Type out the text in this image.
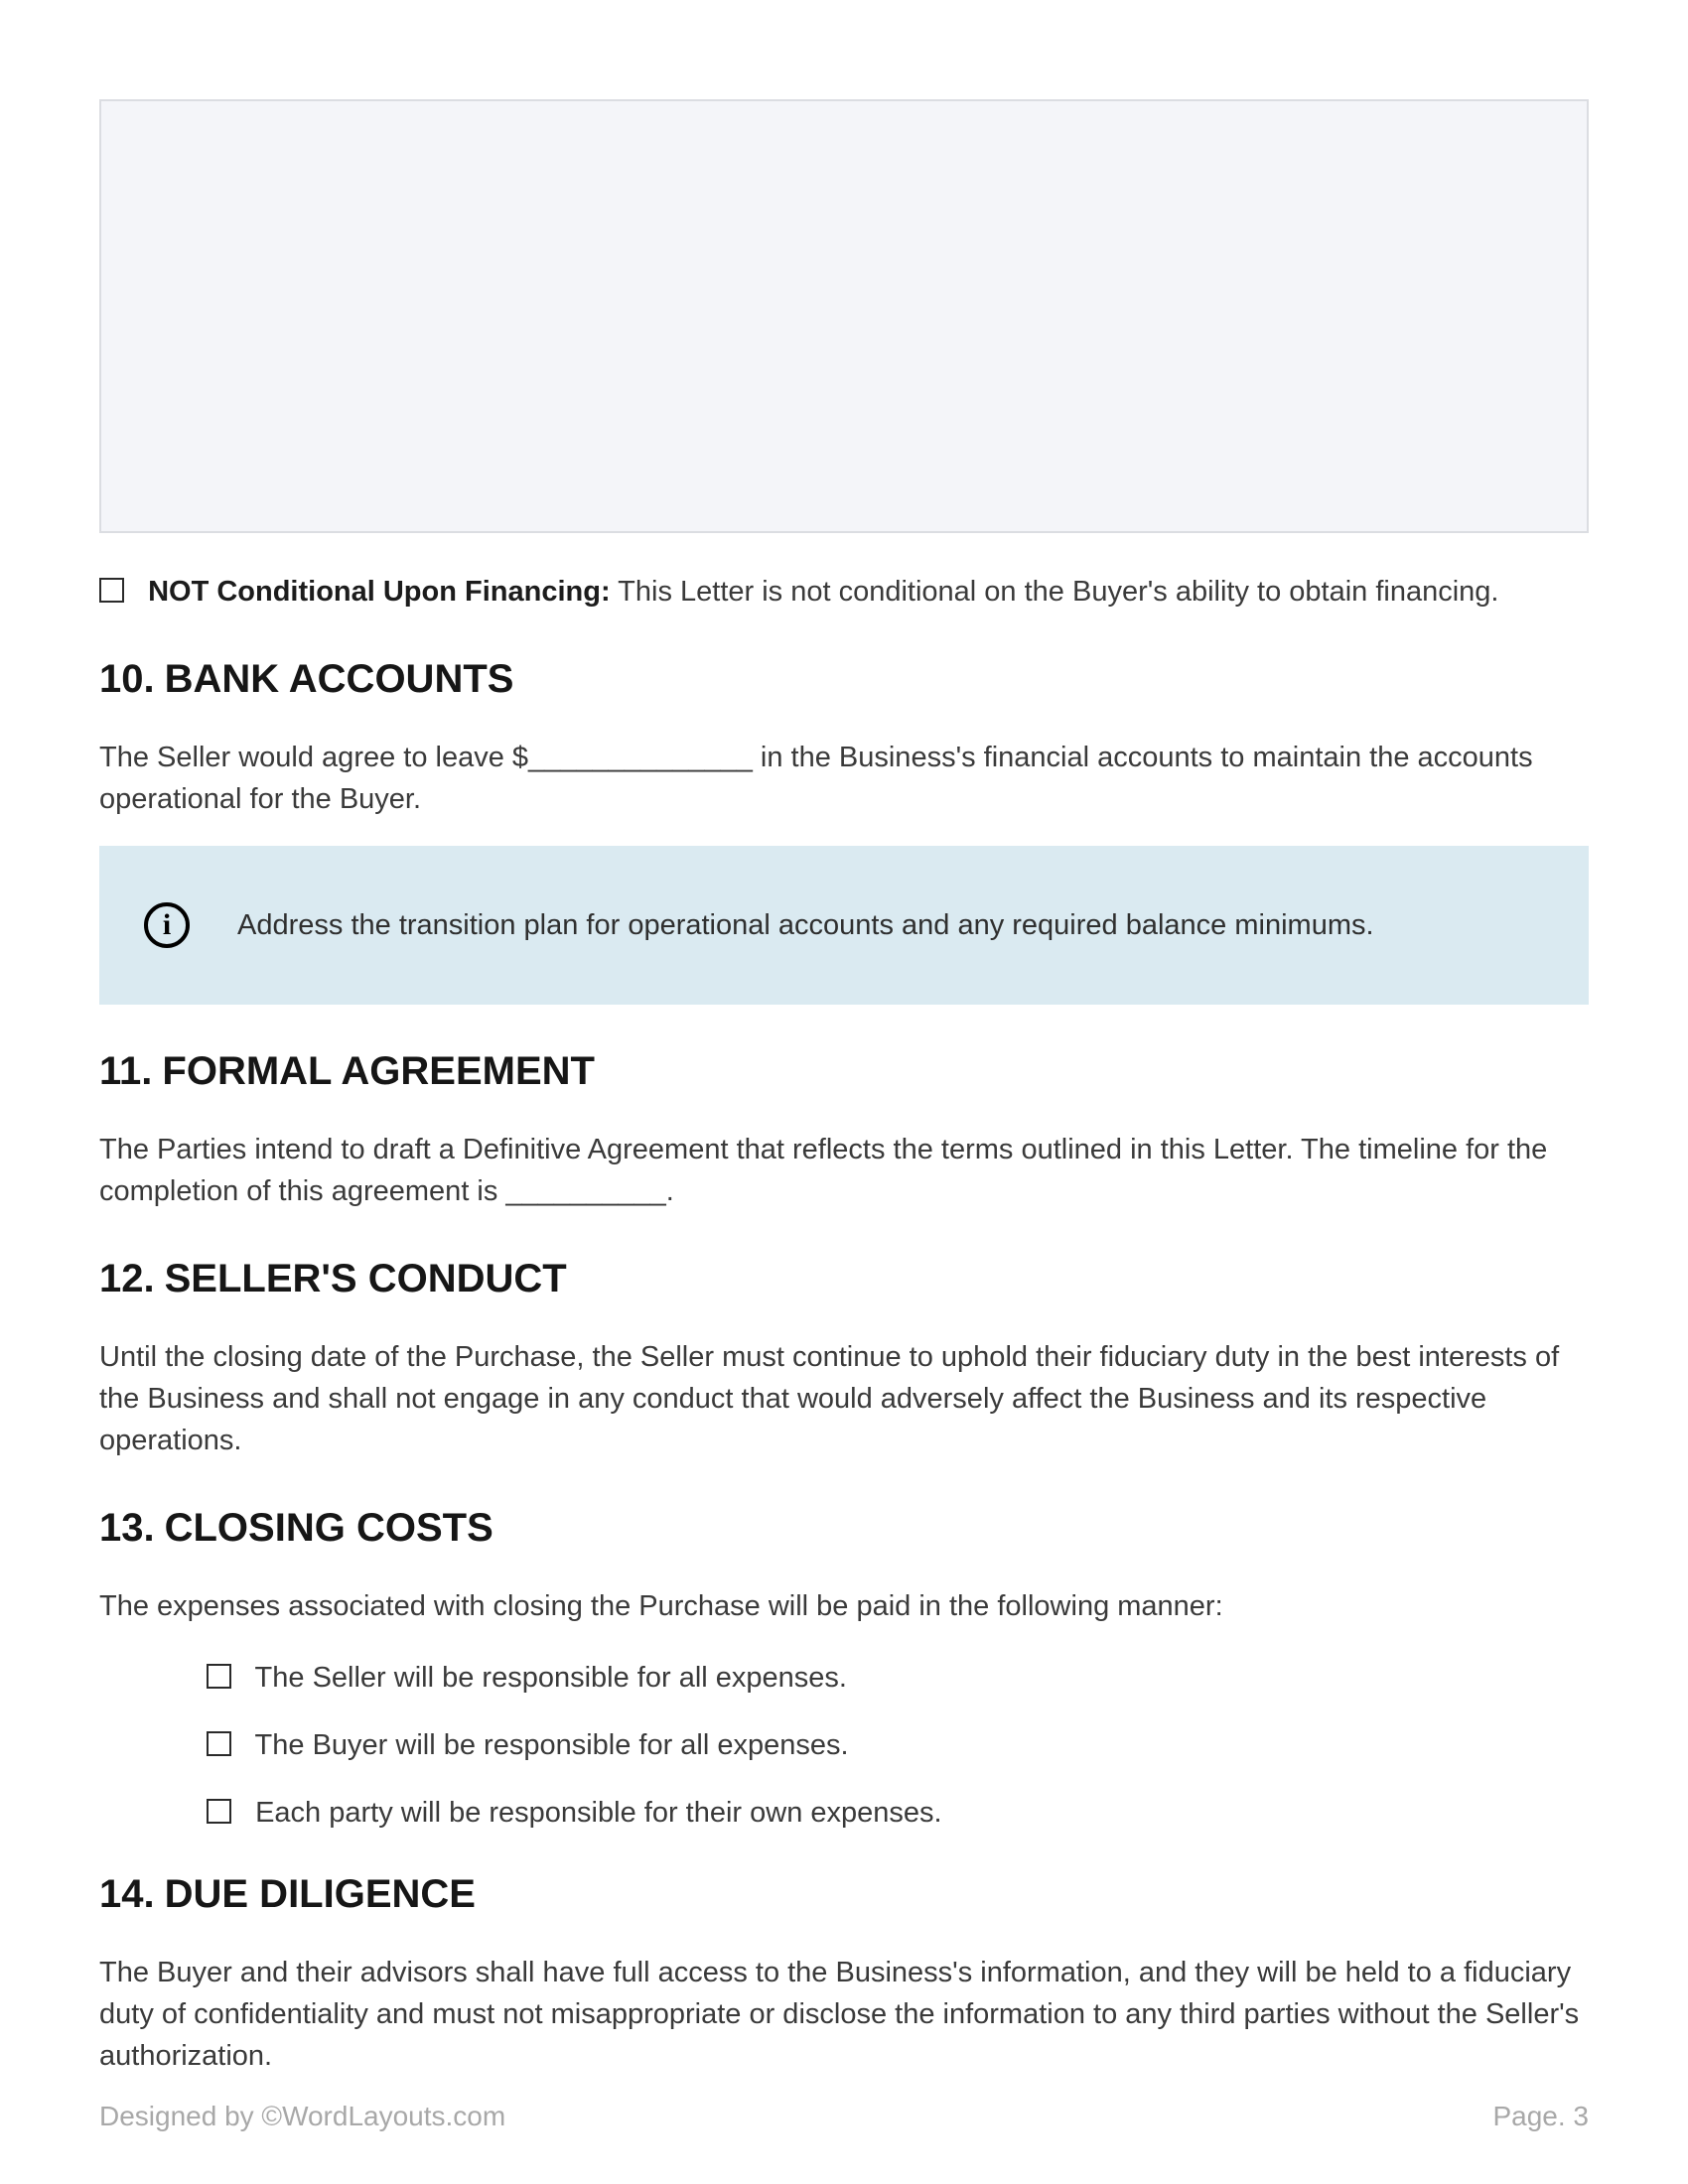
NOT Conditional Upon Financing: This Letter is not conditional on the Buyer's ability to obtain financing.

10. BANK ACCOUNTS

The Seller would agree to leave $______________ in the Business's financial accounts to maintain the accounts operational for the Buyer.

i	Address the transition plan for operational accounts and any required balance minimums.
11. FORMAL AGREEMENT

The Parties intend to draft a Definitive Agreement that reflects the terms outlined in this Letter. The timeline for the completion of this agreement is __________.

12. SELLER'S CONDUCT

Until the closing date of the Purchase, the Seller must continue to uphold their fiduciary duty in the best interests of the Business and shall not engage in any conduct that would adversely affect the Business and its respective operations.

13. CLOSING COSTS

The expenses associated with closing the Purchase will be paid in the following manner:

The Seller will be responsible for all expenses.
The Buyer will be responsible for all expenses.
Each party will be responsible for their own expenses.
14. DUE DILIGENCE

The Buyer and their advisors shall have full access to the Business's information, and they will be held to a fiduciary duty of confidentiality and must not misappropriate or disclose the information to any third parties without the Seller's authorization.

Designed by ©WordLayouts.com	Page. 3
